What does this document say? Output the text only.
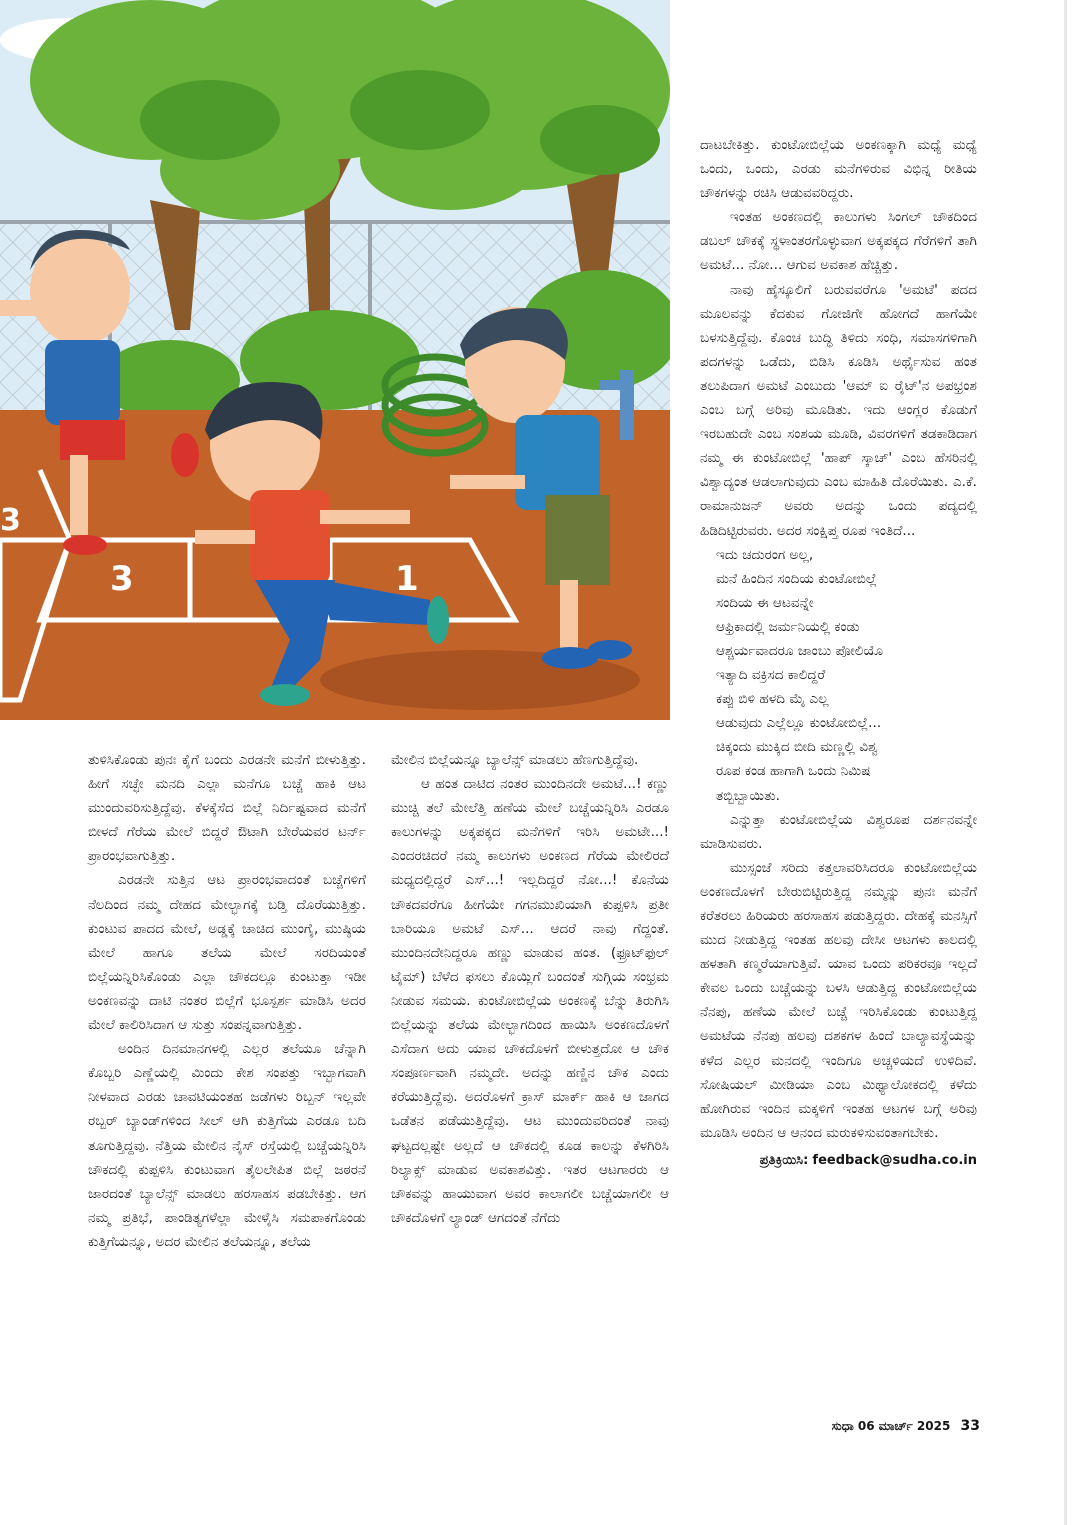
3	1
3

ತುಳಿಸಿಕೊಂಡು ಪುನಃ ಕೈಗೆ ಬಂದು ಎರಡನೇ ಮನೆಗೆ ಬೀಳುತ್ತಿತ್ತು. ಹೀಗೆ ಸಚ್ಛೇ ಮನದಿ ಎಲ್ಲಾ ಮನೆಗೂ ಬಚ್ಚೆ ಹಾಕಿ ಆಟ ಮುಂದುವರಿಸುತ್ತಿದ್ದೆವು. ಕೆಳಕ್ಕೆಸೆದ ಬಿಲ್ಲೆ ನಿರ್ದಿಷ್ಟವಾದ ಮನೆಗೆ ಬೀಳದೆ ಗೆರೆಯ ಮೇಲೆ ಬಿದ್ದರೆ ಔಟಾಗಿ ಬೇರೆಯವರ ಟರ್ನ್ ಪ್ರಾರಂಭವಾಗುತ್ತಿತ್ತು.

ಎರಡನೇ ಸುತ್ತಿನ ಆಟ ಪ್ರಾರಂಭವಾದಂತೆ ಬಚ್ಚೆಗಳಿಗೆ ನೆಲದಿಂದ ನಮ್ಮ ದೇಹದ ಮೇಲ್ಭಾಗಕ್ಕೆ ಬಡ್ತಿ ದೊರೆಯುತ್ತಿತ್ತು. ಕುಂಟುವ ಪಾದದ ಮೇಲೆ, ಅಡ್ಡಕ್ಕೆ ಚಾಚಿದ ಮುಂಗೈ, ಮುಷ್ಠಿಯ ಮೇಲೆ ಹಾಗೂ ತಲೆಯ ಮೇಲೆ ಸರದಿಯಂತೆ ಬಿಲ್ಲೆಯನ್ನಿರಿಸಿಕೊಂಡು ಎಲ್ಲಾ ಚೌಕದಲ್ಲೂ ಕುಂಟುತ್ತಾ ಇಡೀ ಅಂಕಣವನ್ನು ದಾಟಿ ನಂತರ ಬಿಲ್ಲೆಗೆ ಭೂಸ್ಪರ್ಶ ಮಾಡಿಸಿ ಅದರ ಮೇಲೆ ಕಾಲಿರಿಸಿದಾಗ ಆ ಸುತ್ತು ಸಂಪನ್ನವಾಗುತ್ತಿತ್ತು.

ಅಂದಿನ ದಿನಮಾನಗಳಲ್ಲಿ ಎಲ್ಲರ ತಲೆಯೂ ಚೆನ್ನಾಗಿ ಕೊಬ್ಬರಿ ಎಣ್ಣೆಯಲ್ಲಿ ಮಿಂದು ಕೇಶ ಸಂಪತ್ತು ಇಬ್ಭಾಗವಾಗಿ ನೀಳವಾದ ಎರಡು ಚಾವಟಿಯಂತಹ ಜಡೆಗಳು ರಿಬ್ಬನ್ ಇಲ್ಲವೇ ರಬ್ಬರ್ ಬ್ಯಾಂಡ್‌ಗಳಿಂದ ಸೀಲ್ ಆಗಿ ಕುತ್ತಿಗೆಯ ಎರಡೂ ಬದಿ ತೂಗುತ್ತಿದ್ದವು. ನೆತ್ತಿಯ ಮೇಲಿನ ನೈಸ್ ರಸ್ತೆಯಲ್ಲಿ ಬಚ್ಚೆಯನ್ನಿರಿಸಿ ಚೌಕದಲ್ಲಿ ಕುಪ್ಪಳಿಸಿ ಕುಂಟುವಾಗ ತೈಲಲೇಪಿತ ಬಿಲ್ಲೆ ಜಠರನೆ ಜಾರದಂತೆ ಬ್ಯಾಲೆನ್ಸ್ ಮಾಡಲು ಹರಸಾಹಸ ಪಡಬೇಕಿತ್ತು. ಆಗ ನಮ್ಮ ಪ್ರತಿಭೆ, ಪಾಂಡಿತ್ಯಗಳೆಲ್ಲಾ ಮೇಳೈಸಿ ಸಮಪಾಕಗೊಂಡು ಕುತ್ತಿಗೆಯನ್ನೂ, ಅದರ ಮೇಲಿನ ತಲೆಯನ್ನೂ, ತಲೆಯ

ಮೇಲಿನ ಬಿಲ್ಲೆಯನ್ನೂ ಬ್ಯಾಲೆನ್ಸ್ ಮಾಡಲು ಹೆಣಗುತ್ತಿದ್ದೆವು.

ಆ ಹಂತ ದಾಟಿದ ನಂತರ ಮುಂದಿನದೇ ಅಮಟೆ...! ಕಣ್ಣು ಮುಚ್ಚಿ ತಲೆ ಮೇಲೆತ್ತಿ ಹಣೆಯ ಮೇಲೆ ಬಚ್ಚೆಯನ್ನಿರಿಸಿ ಎರಡೂ ಕಾಲುಗಳನ್ನು ಅಕ್ಕಪಕ್ಕದ ಮನೆಗಳಿಗೆ ಇರಿಸಿ ಅಮಟೇ...! ಎಂದರಚಿದರೆ ನಮ್ಮ ಕಾಲುಗಳು ಅಂಕಣದ ಗೆರೆಯ ಮೇಲಿರದೆ ಮಧ್ಯದಲ್ಲಿದ್ದರೆ ಎಸ್...! ಇಲ್ಲದಿದ್ದರೆ ನೋ...! ಕೊನೆಯ ಚೌಕದವರೆಗೂ ಹೀಗೆಯೇ ಗಗನಮುಖಿಯಾಗಿ ಕುಪ್ಪಳಿಸಿ ಪ್ರತೀ ಬಾರಿಯೂ ಅಮಟೆ ಎಸ್... ಆದರೆ ನಾವು ಗೆದ್ದಂತೆ. ಮುಂದಿನದೇನಿದ್ದರೂ ಹಣ್ಣು ಮಾಡುವ ಹಂತ. (ಫ್ರೂಟ್‌ಫುಲ್ ಟೈಮ್) ಬೆಳೆದ ಫಸಲು ಕೊಯ್ಲಿಗೆ ಬಂದಂತೆ ಸುಗ್ಗಿಯ ಸಂಭ್ರಮ ನೀಡುವ ಸಮಯ. ಕುಂಟೋಬಿಲ್ಲೆಯ ಅಂಕಣಕ್ಕೆ ಬೆನ್ನು ತಿರುಗಿಸಿ ಬಿಲ್ಲೆಯನ್ನು ತಲೆಯ ಮೇಲ್ಭಾಗದಿಂದ ಹಾಯಿಸಿ ಅಂಕಣದೊಳಗೆ ಎಸೆದಾಗ ಅದು ಯಾವ ಚೌಕದೊಳಗೆ ಬೀಳುತ್ತದೋ ಆ ಚೌಕ ಸಂಪೂರ್ಣವಾಗಿ ನಮ್ಮದೇ. ಅದನ್ನು ಹಣ್ಣಿನ ಚೌಕ ಎಂದು ಕರೆಯುತ್ತಿದ್ದೆವು. ಅದರೊಳಗೆ ಕ್ರಾಸ್ ಮಾರ್ಕ್ ಹಾಕಿ ಆ ಜಾಗದ ಒಡೆತನ ಪಡೆಯುತ್ತಿದ್ದೆವು. ಆಟ ಮುಂದುವರಿದಂತೆ ನಾವು ಘಟ್ಟದಲ್ಲಷ್ಟೇ ಅಲ್ಲದೆ ಆ ಚೌಕದಲ್ಲಿ ಕೂಡ ಕಾಲನ್ನು ಕೆಳಗಿರಿಸಿ ರಿಲ್ಯಾಕ್ಸ್ ಮಾಡುವ ಅವಕಾಶವಿತ್ತು. ಇತರ ಆಟಗಾರರು ಆ ಚೌಕವನ್ನು ಹಾಯುವಾಗ ಅವರ ಕಾಲಾಗಲೀ ಬಚ್ಚೆಯಾಗಲೀ ಆ ಚೌಕದೊಳಗೆ ಲ್ಯಾಂಡ್ ಆಗದಂತೆ ನೆಗೆದು

ದಾಟಬೇಕಿತ್ತು. ಕುಂಟೋಬಿಲ್ಲೆಯ ಅಂಕಣಕ್ಕಾಗಿ ಮಧ್ಯೆ ಮಧ್ಯೆ ಒಂದು, ಒಂದು, ಎರಡು ಮನೆಗಳಿರುವ ವಿಭಿನ್ನ ರೀತಿಯ ಚೌಕಗಳನ್ನು ರಚಿಸಿ ಆಡುವವರಿದ್ದರು.

ಇಂತಹ ಅಂಕಣದಲ್ಲಿ ಕಾಲುಗಳು ಸಿಂಗಲ್ ಚೌಕದಿಂದ ಡಬಲ್ ಚೌಕಕ್ಕೆ ಸ್ಥಳಾಂತರಗೊಳ್ಳುವಾಗ ಅಕ್ಕಪಕ್ಕದ ಗೆರೆಗಳಿಗೆ ತಾಗಿ ಅಮಟೆ... ನೋ... ಆಗುವ ಅವಕಾಶ ಹೆಚ್ಚಿತ್ತು.

ನಾವು ಹೈಸ್ಕೂಲಿಗೆ ಬರುವವರೆಗೂ 'ಅಮಟೆ' ಪದದ ಮೂಲವನ್ನು ಕೆದಕುವ ಗೋಜಿಗೇ ಹೋಗದೆ ಹಾಗೆಯೇ ಬಳಸುತ್ತಿದ್ದೆವು. ಕೊಂಚ ಬುದ್ಧಿ ತಿಳಿದು ಸಂಧಿ, ಸಮಾಸಗಳಿಗಾಗಿ ಪದಗಳನ್ನು ಒಡೆದು, ಬಿಡಿಸಿ ಕೂಡಿಸಿ ಅರ್ಥೈಸುವ ಹಂತ ತಲುಪಿದಾಗ ಅಮಟೆ ಎಂಬುದು 'ಆಮ್ ಐ ರೈಟ್'ನ ಅಪಭ್ರಂಶ ಎಂಬ ಬಗ್ಗೆ ಅರಿವು ಮೂಡಿತು. ಇದು ಆಂಗ್ಲರ ಕೊಡುಗೆ ಇರಬಹುದೇ ಎಂಬ ಸಂಶಯ ಮೂಡಿ, ವಿವರಗಳಿಗೆ ತಡಕಾಡಿದಾಗ ನಮ್ಮ ಈ ಕುಂಟೋಬಿಲ್ಲೆ 'ಹಾಪ್ ಸ್ಕಾಚ್' ಎಂಬ ಹೆಸರಿನಲ್ಲಿ ವಿಶ್ವಾದ್ಯಂತ ಆಡಲಾಗುವುದು ಎಂಬ ಮಾಹಿತಿ ದೊರೆಯಿತು. ಎ.ಕೆ. ರಾಮಾನುಜನ್ ಅವರು ಅದನ್ನು ಒಂದು ಪದ್ಯದಲ್ಲಿ ಹಿಡಿದಿಟ್ಟಿರುವರು. ಅದರ ಸಂಕ್ಷಿಪ್ತ ರೂಪ ಇಂತಿದೆ...

ಇದು ಚದುರಂಗ ಅಲ್ಲ,
ಮನೆ ಹಿಂದಿನ ಸಂದಿಯ ಕುಂಟೋಬಿಲ್ಲೆ
ಸಂದಿಯ ಈ ಆಟವನ್ನೇ
ಆಫ್ರಿಕಾದಲ್ಲಿ ಜರ್ಮನಿಯಲ್ಲಿ ಕಂಡು
ಆಶ್ಚರ್ಯವಾದರೂ ಜಾಂಬು ಪೋಲಿಯೊ
ಇತ್ಯಾದಿ ವಕ್ರಿಸದ ಕಾಲಿದ್ದರೆ
ಕಪ್ಪು ಬಿಳಿ ಹಳದಿ ಮೈ ಎಲ್ಲ
ಆಡುವುದು ಎಲ್ಲೆಲ್ಲೂ ಕುಂಟೋಬಿಲ್ಲೆ...
ಚಿಕ್ಕಂದು ಮುಕ್ಕಿದ ಬೀದಿ ಮಣ್ಣಲ್ಲಿ ವಿಶ್ವ
ರೂಪ ಕಂಡ ಹಾಗಾಗಿ ಒಂದು ನಿಮಿಷ
ತಬ್ಬಿಬ್ಬಾಯಿತು.

ಎನ್ನುತ್ತಾ ಕುಂಟೋಬಿಲ್ಲೆಯ ವಿಶ್ವರೂಪ ದರ್ಶನವನ್ನೇ ಮಾಡಿಸುವರು.

ಮುಸ್ಸಂಜೆ ಸರಿದು ಕತ್ತಲಾವರಿಸಿದರೂ ಕುಂಟೋಬಿಲ್ಲೆಯ ಅಂಕಣದೊಳಗೆ ಬೇರುಬಿಟ್ಟಿರುತ್ತಿದ್ದ ನಮ್ಮನ್ನು ಪುನಃ ಮನೆಗೆ ಕರೆತರಲು ಹಿರಿಯರು ಹರಸಾಹಸ ಪಡುತ್ತಿದ್ದರು. ದೇಹಕ್ಕೆ ಮನಸ್ಸಿಗೆ ಮುದ ನೀಡುತ್ತಿದ್ದ ಇಂತಹ ಹಲವು ದೇಸೀ ಆಟಗಳು ಕಾಲದಲ್ಲಿ ಹಳತಾಗಿ ಕಣ್ಮರೆಯಾಗುತ್ತಿವೆ. ಯಾವ ಒಂದು ಪರಿಕರವೂ ಇಲ್ಲದೆ ಕೇವಲ ಒಂದು ಬಚ್ಚೆಯನ್ನು ಬಳಸಿ ಆಡುತ್ತಿದ್ದ ಕುಂಟೋಬಿಲ್ಲೆಯ ನೆನಪು, ಹಣೆಯ ಮೇಲೆ ಬಚ್ಚೆ ಇರಿಸಿಕೊಂಡು ಕುಂಟುತ್ತಿದ್ದ ಅಮಟೆಯ ನೆನಪು ಹಲವು ದಶಕಗಳ ಹಿಂದೆ ಬಾಲ್ಯಾವಸ್ಥೆಯನ್ನು ಕಳೆದ ಎಲ್ಲರ ಮನದಲ್ಲಿ ಇಂದಿಗೂ ಅಚ್ಚಳಿಯದೆ ಉಳಿದಿವೆ. ಸೋಷಿಯಲ್ ಮೀಡಿಯಾ ಎಂಬ ಮಿಥ್ಯಾಲೋಕದಲ್ಲಿ ಕಳೆದು ಹೋಗಿರುವ ಇಂದಿನ ಮಕ್ಕಳಿಗೆ ಇಂತಹ ಆಟಗಳ ಬಗ್ಗೆ ಅರಿವು ಮೂಡಿಸಿ ಅಂದಿನ ಆ ಆನಂದ ಮರುಕಳಿಸುವಂತಾಗಬೇಕು.

ಪ್ರತಿಕ್ರಿಯಿಸಿ: feedback@sudha.co.in
ಸುಧಾ 06 ಮಾರ್ಚ್ 2025 33
